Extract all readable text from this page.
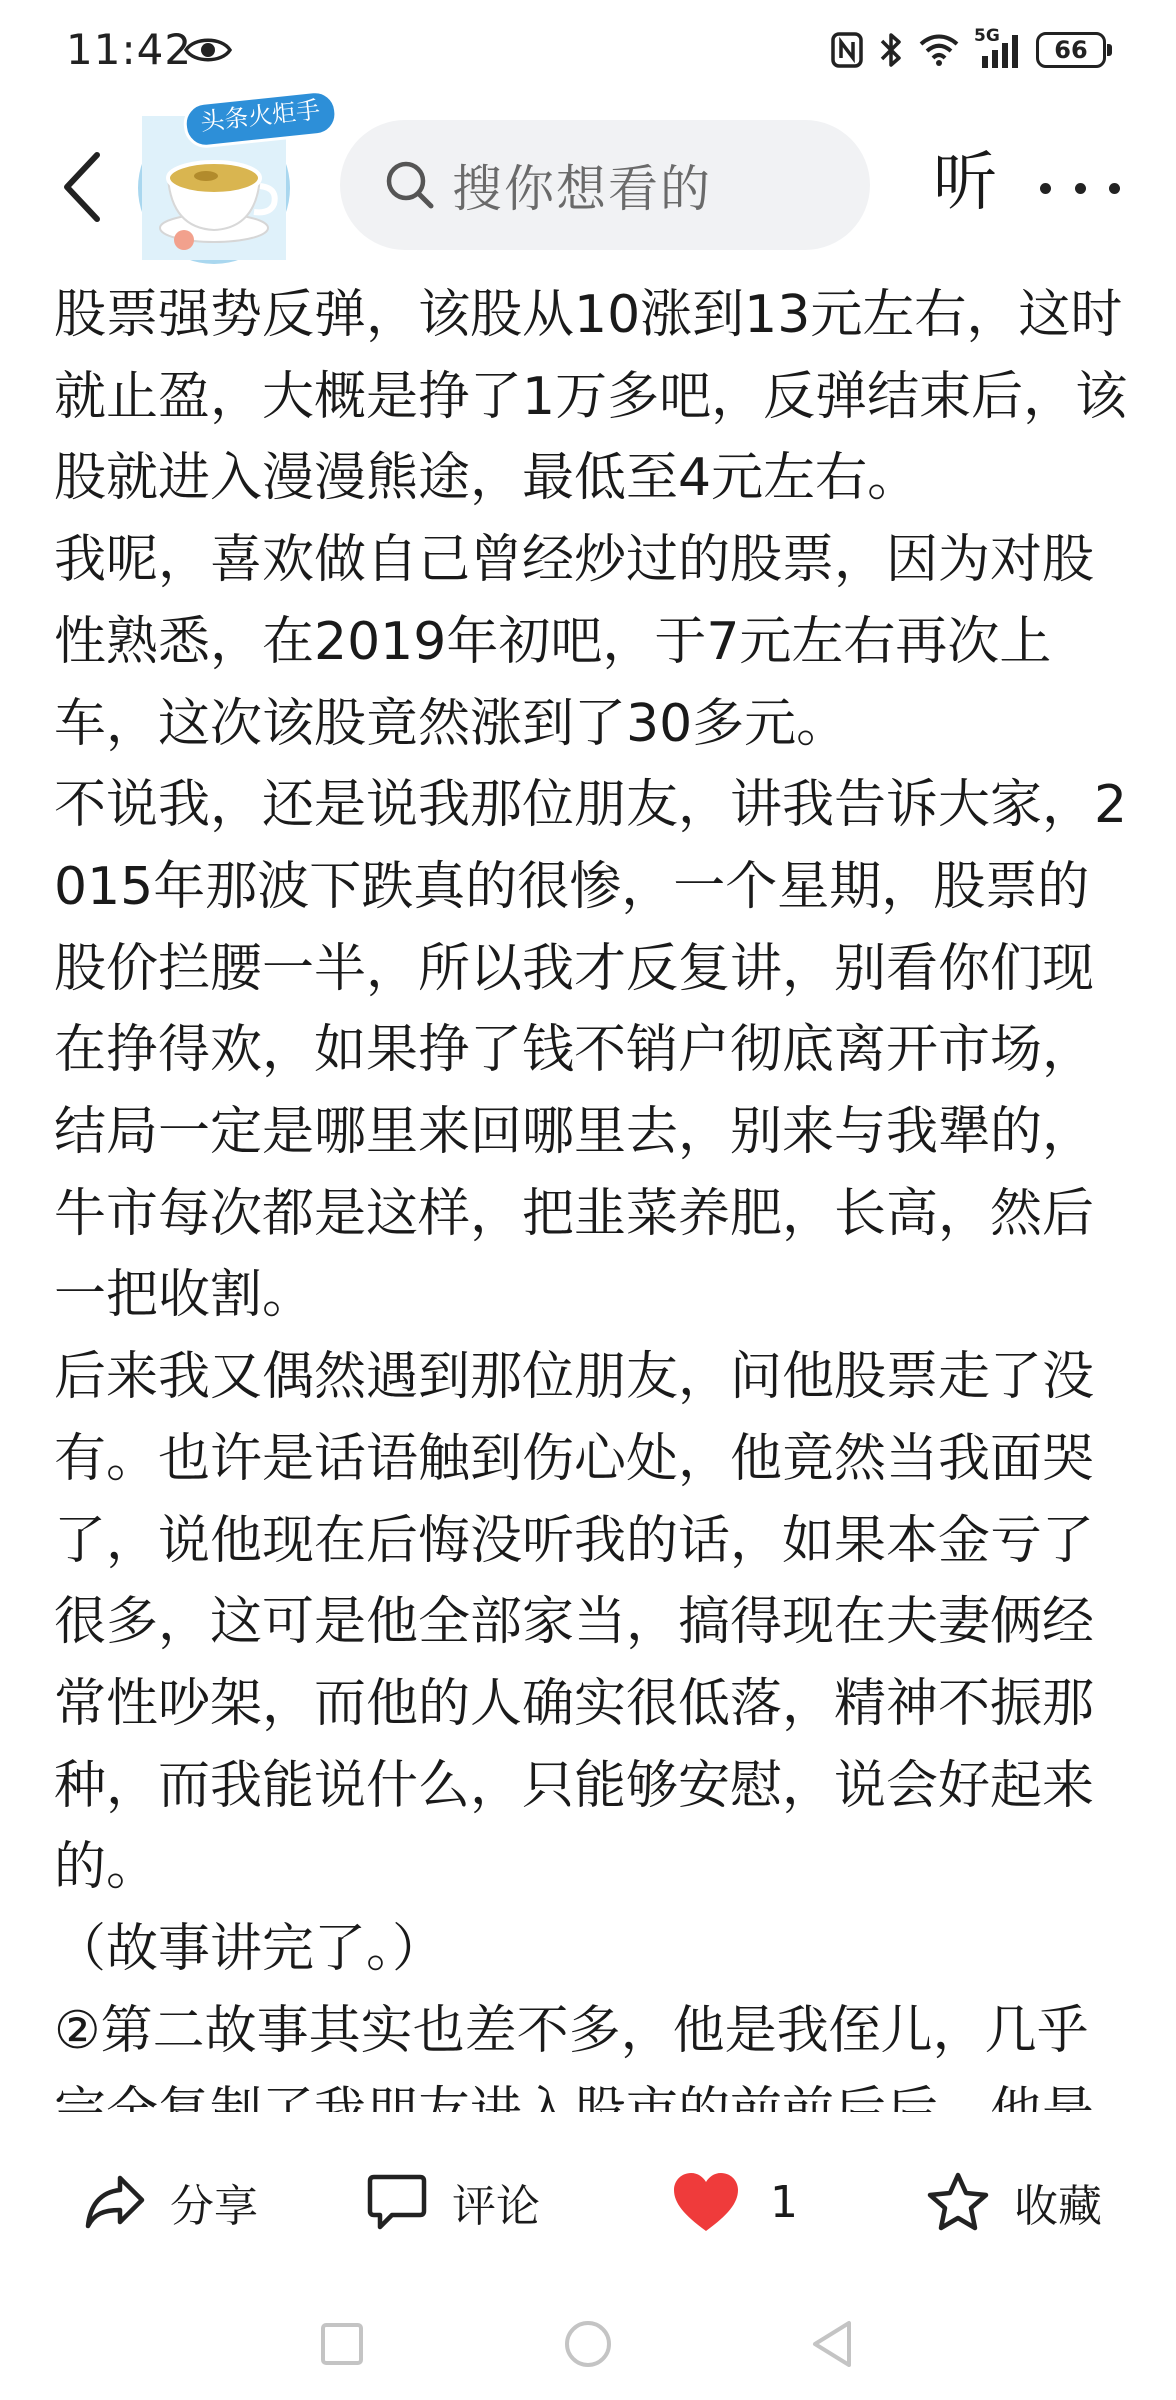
11:42	5G 66
头条火炬手
搜你想看的	听

股票强势反弹，该股从10涨到13元左右，这时就止盈，大概是挣了1万多吧，反弹结束后，该股就进入漫漫熊途，最低至4元左右。

我呢，喜欢做自己曾经炒过的股票，因为对股性熟悉，在2019年初吧，于7元左右再次上车，这次该股竟然涨到了30多元。

不说我，还是说我那位朋友，讲我告诉大家，2015年那波下跌真的很惨，一个星期，股票的股价拦腰一半，所以我才反复讲，别看你们现在挣得欢，如果挣了钱不销户彻底离开市场，结局一定是哪里来回哪里去，别来与我犟的，牛市每次都是这样，把韭菜养肥，长高，然后一把收割。

后来我又偶然遇到那位朋友，问他股票走了没有。也许是话语触到伤心处，他竟然当我面哭了，说他现在后悔没听我的话，如果本金亏了很多，这可是他全部家当，搞得现在夫妻俩经常性吵架，而他的人确实很低落，精神不振那种，而我能说什么，只能够安慰，说会好起来的。

（故事讲完了。）

②第二故事其实也差不多，他是我侄儿，几乎

分享	评论	1	收藏
